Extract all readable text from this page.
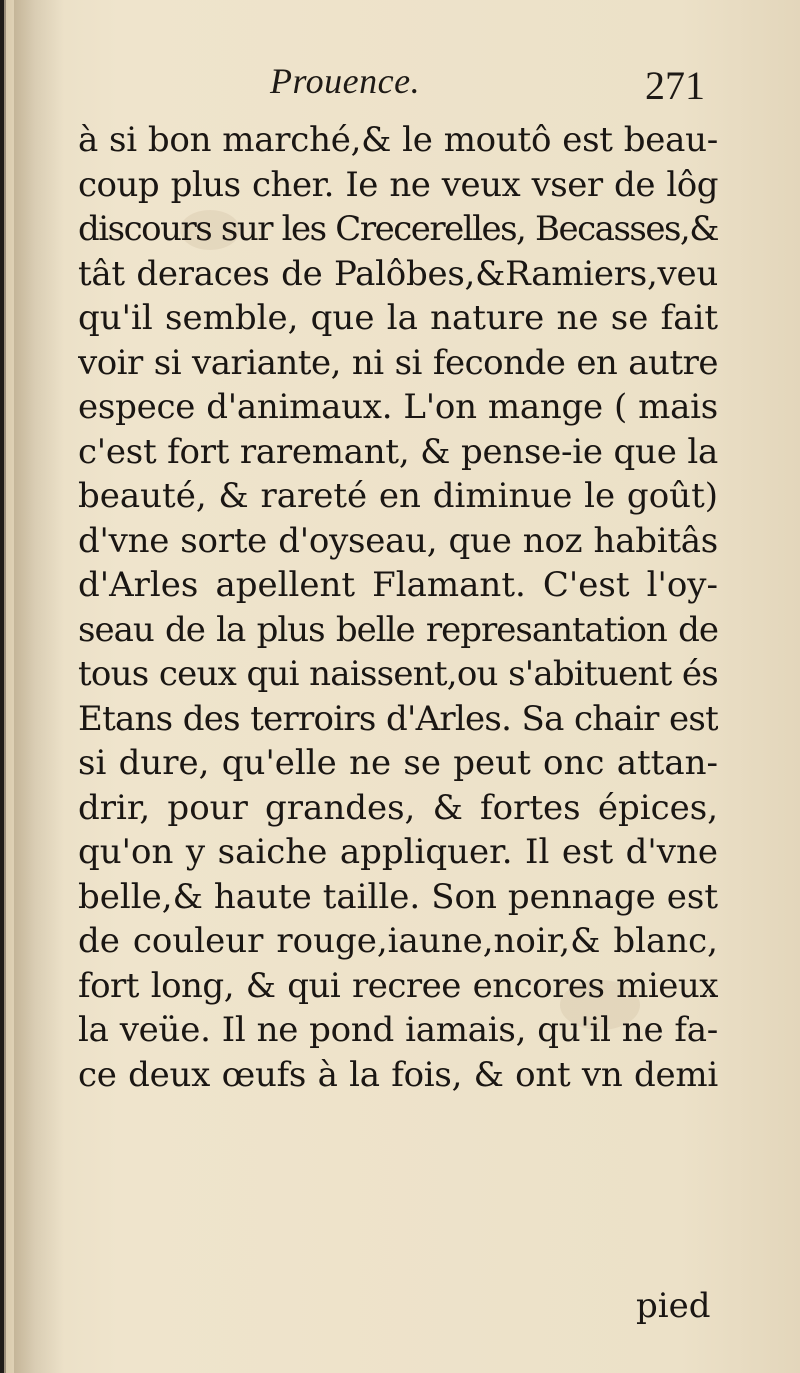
Prouence.	271
à si bon marché,& le moutô est beau-
coup plus cher. Ie ne veux vser de lôg
discours sur les Crecerelles, Becasses,&
tât deraces de Palôbes,&Ramiers,veu
qu'il semble, que la nature ne se fait
voir si variante, ni si feconde en autre
espece d'animaux. L'on mange ( mais
c'est fort raremant, & pense-ie que la
beauté, & rareté en diminue le goût)
d'vne sorte d'oyseau, que noz habitâs
d'Arles apellent Flamant. C'est l'oy-
seau de la plus belle represantation de
tous ceux qui naissent,ou s'abituent és
Etans des terroirs d'Arles. Sa chair est
si dure, qu'elle ne se peut onc attan-
drir, pour grandes, & fortes épices,
qu'on y saiche appliquer. Il est d'vne
belle,& haute taille. Son pennage est
de couleur rouge,iaune,noir,& blanc,
fort long, & qui recree encores mieux
la veüe. Il ne pond iamais, qu'il ne fa-
ce deux œufs à la fois, & ont vn demi
pied
